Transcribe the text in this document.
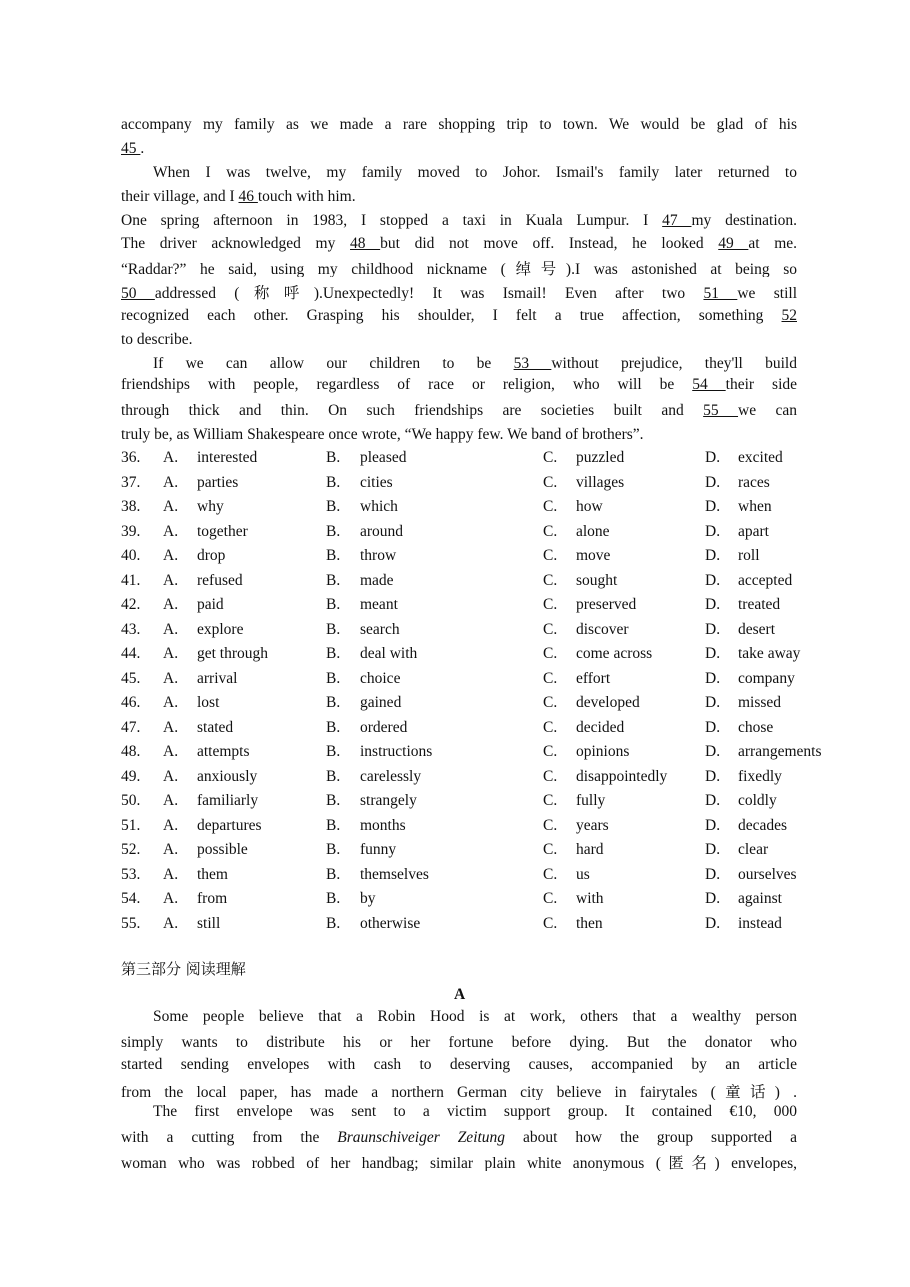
accompany my family as we made a rare shopping trip to town. We would be glad of his
45 .
When I was twelve, my family moved to Johor. Ismail's family later returned to
their village, and I 46 touch with him.
One spring afternoon in 1983, I stopped a taxi in Kuala Lumpur. I 47 my destination.
The driver acknowledged my 48 but did not move off. Instead, he looked 49 at me.
“Raddar?” he said, using my childhood nickname (绰号).I was astonished at being so
50 addressed (称呼).Unexpectedly! It was Ismail! Even after two 51 we still
recognized each other. Grasping his shoulder, I felt a true affection, something 52
to describe.
If we can allow our children to be 53 without prejudice, they'll build
friendships with people, regardless of race or religion, who will be 54 their side
through thick and thin. On such friendships are societies built and 55 we can
truly be, as William Shakespeare once wrote, “We happy few. We band of brothers”.
36. A. interested	B. pleased	C. puzzled	D. excited
37. A. parties	B. cities	C. villages	D. races
38. A. why	B. which	C. how	D. when
39. A. together	B. around	C. alone	D. apart
40. A. drop	B. throw	C. move	D. roll
41. A. refused	B. made	C. sought	D. accepted
42. A. paid	B. meant	C. preserved	D. treated
43. A. explore	B. search	C. discover	D. desert
44. A. get through	B. deal with	C. come across	D. take away
45. A. arrival	B. choice	C. effort	D. company
46. A. lost	B. gained	C. developed	D. missed
47. A. stated	B. ordered	C. decided	D. chose
48. A. attempts	B. instructions	C. opinions	D. arrangements
49. A. anxiously	B. carelessly	C. disappointedly D. fixedly
50. A. familiarly	B. strangely	C. fully	D. coldly
51. A. departures	B. months	C. years	D. decades
52. A. possible	B. funny	C. hard	D. clear
53. A. them	B. themselves	C. us	D. ourselves
54. A. from	B. by	C. with	D. against
55. A. still	B. otherwise	C. then	D. instead
第三部分 阅读理解
A
Some people believe that a Robin Hood is at work, others that a wealthy person
simply wants to distribute his or her fortune before dying. But the donator who
started sending envelopes with cash to deserving causes, accompanied by an article
from the local paper, has made a northern German city believe in fairytales (童话) .
The first envelope was sent to a victim support group. It contained €10, 000
with a cutting from the Braunschiveiger Zeitung about how the group supported a
woman who was robbed of her handbag; similar plain white anonymous (匿名) envelopes,
